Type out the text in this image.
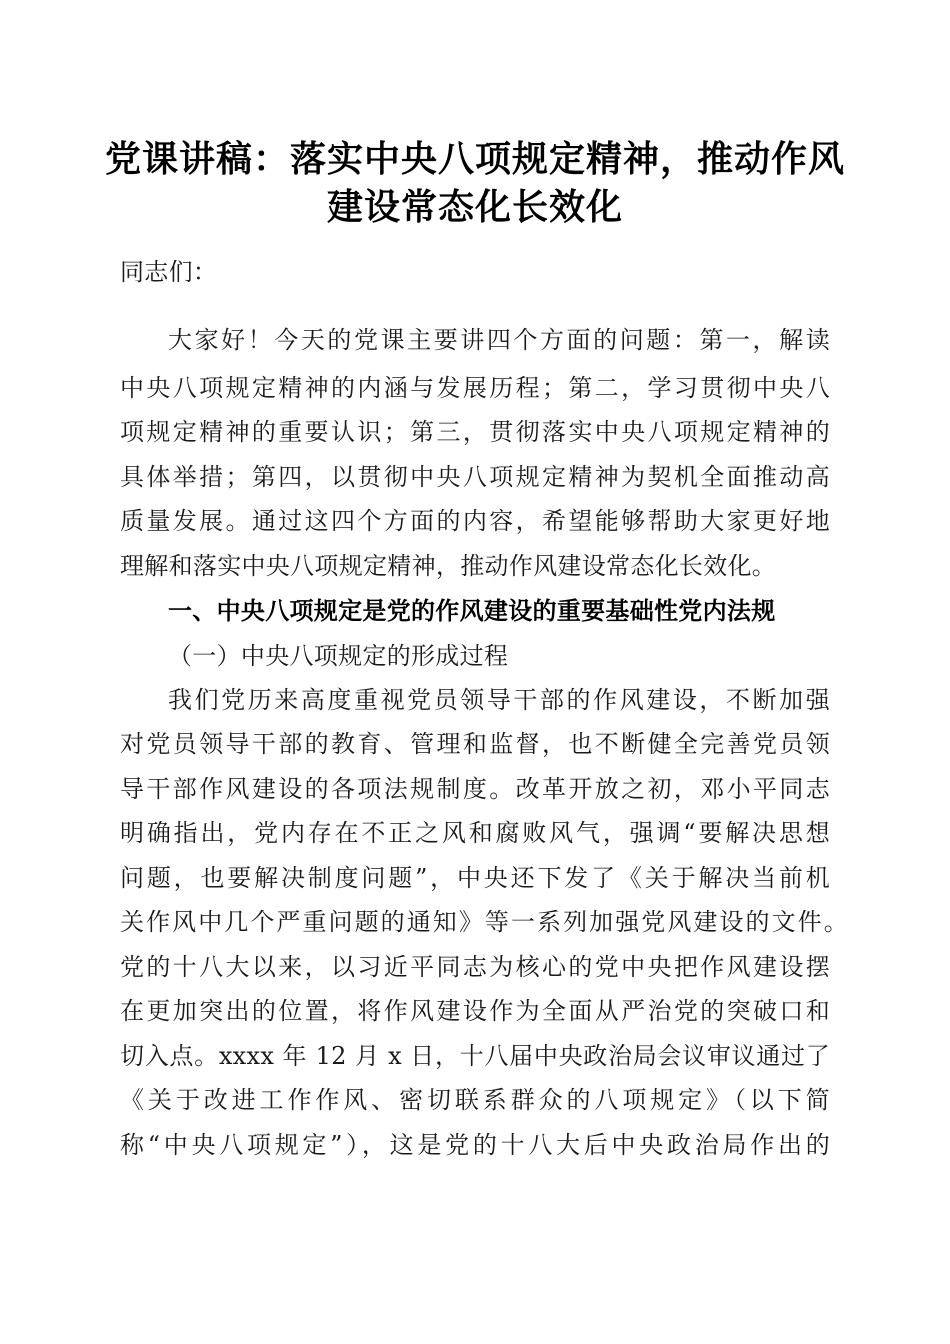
党课讲稿：落实中央八项规定精神，推动作风
建设常态化长效化

同志们：

大家好！今天的党课主要讲四个方面的问题：第一，解读

中央八项规定精神的内涵与发展历程；第二，学习贯彻中央八

项规定精神的重要认识；第三，贯彻落实中央八项规定精神的

具体举措；第四，以贯彻中央八项规定精神为契机全面推动高

质量发展。通过这四个方面的内容，希望能够帮助大家更好地

理解和落实中央八项规定精神，推动作风建设常态化长效化。

一、中央八项规定是党的作风建设的重要基础性党内法规

（一）中央八项规定的形成过程

我们党历来高度重视党员领导干部的作风建设，不断加强

对党员领导干部的教育、管理和监督，也不断健全完善党员领

导干部作风建设的各项法规制度。改革开放之初，邓小平同志

明确指出，党内存在不正之风和腐败风气，强调“要解决思想

问题，也要解决制度问题”，中央还下发了《关于解决当前机

关作风中几个严重问题的通知》等一系列加强党风建设的文件。

党的十八大以来，以习近平同志为核心的党中央把作风建设摆

在更加突出的位置，将作风建设作为全面从严治党的突破口和

切入点。xxxx 年 12 月 x 日，十八届中央政治局会议审议通过了

《关于改进工作作风、密切联系群众的八项规定》（以下简

称“中央八项规定”），这是党的十八大后中央政治局作出的
